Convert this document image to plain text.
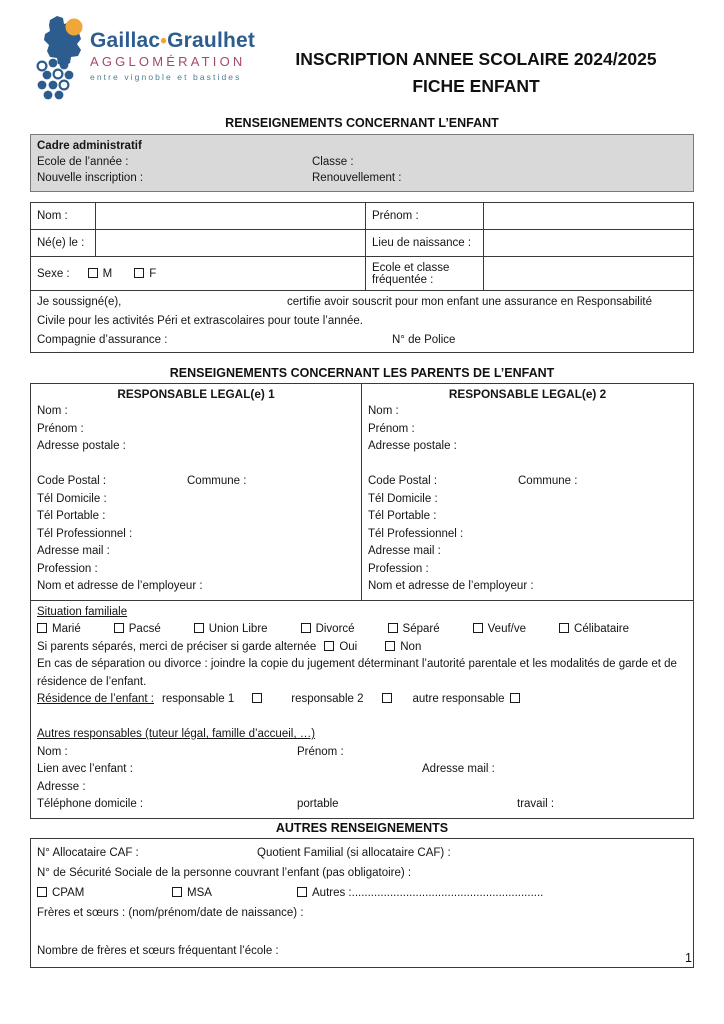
Gaillac•Graulhet
AGGLOMÉRATION
entre vignoble et bastides
INSCRIPTION ANNEE SCOLAIRE 2024/2025
FICHE ENFANT
RENSEIGNEMENTS CONCERNANT L’ENFANT
Cadre administratif
Ecole de l’année :	Classe :
Nouvelle inscription :	Renouvellement :
Nom :		Prénom :	
Né(e) le :		Lieu de naissance :	
Sexe : M F		Ecole et classe fréquentée :	

Je soussigné(e), certifie avoir souscrit pour mon enfant une assurance en Responsabilité
Civile pour les activités Péri et extrascolaires pour toute l’année.
Compagnie d’assurance : N° de Police			
RENSEIGNEMENTS CONCERNANT LES PARENTS DE L’ENFANT
RESPONSABLE LEGAL(e) 1
Nom :
Prénom :
Adresse postale :

Code Postal :	Commune :
Tél Domicile :
Tél Portable :
Tél Professionnel :
Adresse mail :
Profession :
Nom et adresse de l’employeur :
RESPONSABLE LEGAL(e) 2
Nom :
Prénom :
Adresse postale :

Code Postal :	Commune :
Tél Domicile :
Tél Portable :
Tél Professionnel :
Adresse mail :
Profession :
Nom et adresse de l’employeur :
Situation familiale
Marié	Pacsé	Union Libre	Divorcé	Séparé	Veuf/ve	Célibataire
Si parents séparés, merci de préciser si garde alternée Oui	Non
En cas de séparation ou divorce : joindre la copie du jugement déterminant l’autorité parentale et les modalités de garde et de résidence de l’enfant.
Résidence de l’enfant : responsable 1	responsable 2	autre responsable

Autres responsables (tuteur légal, famille d’accueil, …)
Nom :	Prénom :
Lien avec l’enfant :	Adresse mail :
Adresse :
Téléphone domicile :	portable	travail :
AUTRES RENSEIGNEMENTS
N° Allocataire CAF :	Quotient Familial (si allocataire CAF) :
N° de Sécurité Sociale de la personne couvrant l’enfant (pas obligatoire) :
CPAM	MSA	Autres :............................................................
Frères et sœurs : (nom/prénom/date de naissance) :
Nombre de frères et sœurs fréquentant l’école :
1
